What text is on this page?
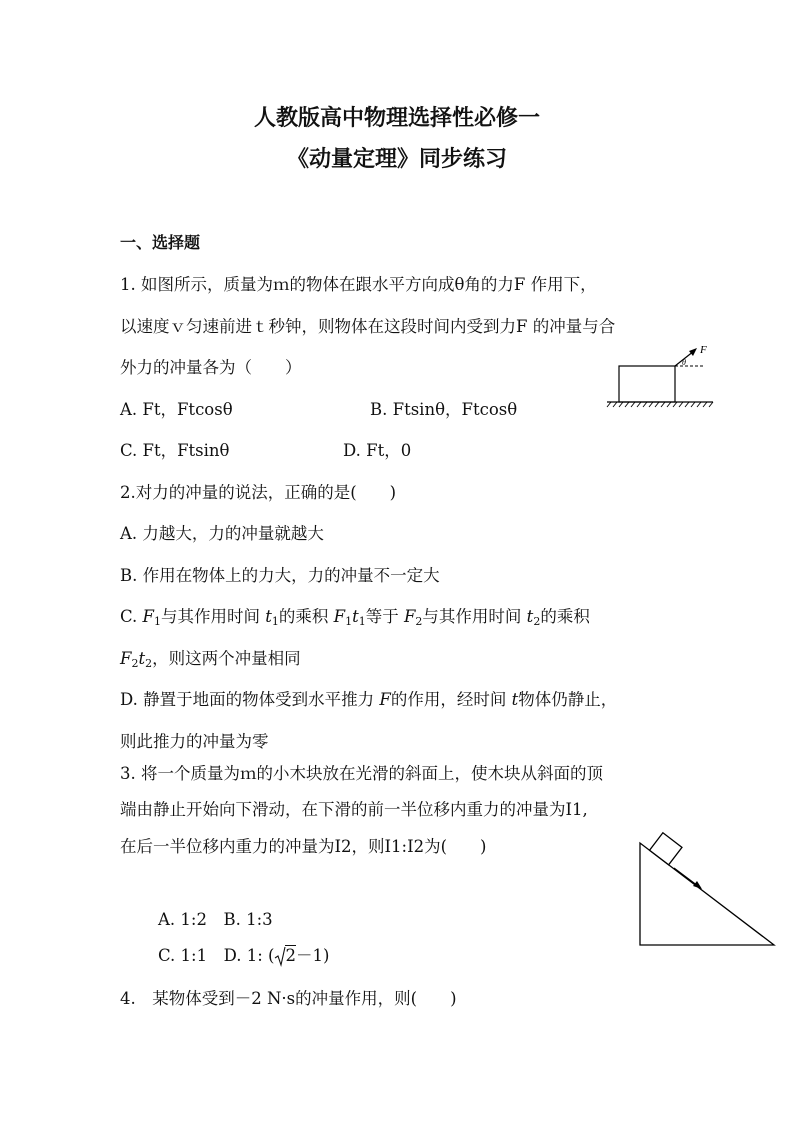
人教版高中物理选择性必修一
《动量定理》同步练习
一、选择题
1. 如图所示，质量为ｍ的物体在跟水平方向成θ角的力F 作用下，
以速度ｖ匀速前进ｔ秒钟，则物体在这段时间内受到力F 的冲量与合
外力的冲量各为（　　）
A. Ft，Ftcosθ	B. Ftsinθ，Ftcosθ
C. Ft，Ftsinθ	D. Ft，0
F
θ
2.对力的冲量的说法，正确的是(　　)
A. 力越大，力的冲量就越大
B. 作用在物体上的力大，力的冲量不一定大
C. $F_1$与其作用时间 $t_1$的乘积 $F_1t_1$等于 $F_2$与其作用时间 $t_2$的乘积
$F_2t_2$，则这两个冲量相同
D. 静置于地面的物体受到水平推力 F的作用，经时间 t物体仍静止，
则此推力的冲量为零
3. 将一个质量为ｍ的小木块放在光滑的斜面上，使木块从斜面的顶
端由静止开始向下滑动，在下滑的前一半位移内重力的冲量为I1,
在后一半位移内重力的冲量为I2，则I1:I2为(　　)
A. 1:2　B. 1:3
C. 1:1　D. 1: ( 2－1)
4.　某物体受到－2 N·s的冲量作用，则(　　)
